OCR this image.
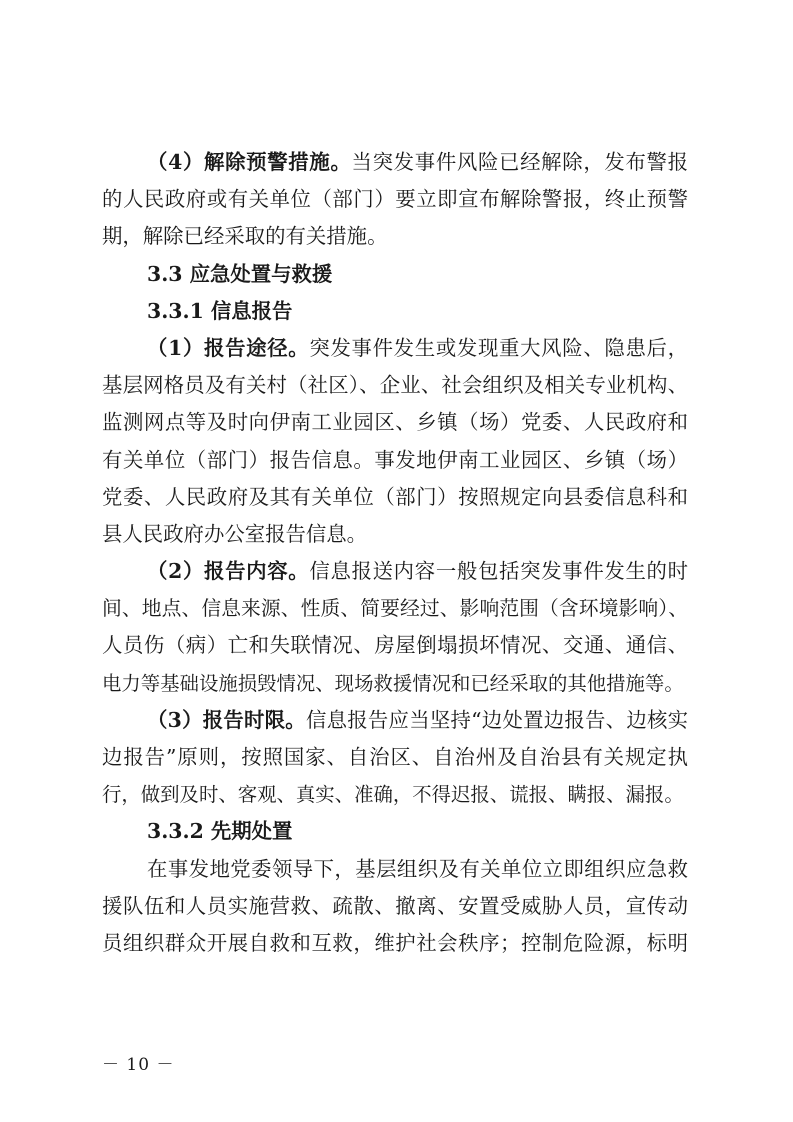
（4）解除预警措施。当突发事件风险已经解除，发布警报
的人民政府或有关单位（部门）要立即宣布解除警报，终止预警
期，解除已经采取的有关措施。
3.3 应急处置与救援
3.3.1 信息报告
（1）报告途径。突发事件发生或发现重大风险、隐患后，
基层网格员及有关村（社区）、企业、社会组织及相关专业机构、
监测网点等及时向伊南工业园区、乡镇（场）党委、人民政府和
有关单位（部门）报告信息。事发地伊南工业园区、乡镇（场）
党委、人民政府及其有关单位（部门）按照规定向县委信息科和
县人民政府办公室报告信息。
（2）报告内容。信息报送内容一般包括突发事件发生的时
间、地点、信息来源、性质、简要经过、影响范围（含环境影响）、
人员伤（病）亡和失联情况、房屋倒塌损坏情况、交通、通信、
电力等基础设施损毁情况、现场救援情况和已经采取的其他措施等。
（3）报告时限。信息报告应当坚持“边处置边报告、边核实
边报告”原则，按照国家、自治区、自治州及自治县有关规定执
行，做到及时、客观、真实、准确，不得迟报、谎报、瞒报、漏报。
3.3.2 先期处置
在事发地党委领导下，基层组织及有关单位立即组织应急救
援队伍和人员实施营救、疏散、撤离、安置受威胁人员，宣传动
员组织群众开展自救和互救，维护社会秩序；控制危险源，标明
－ 10 －
